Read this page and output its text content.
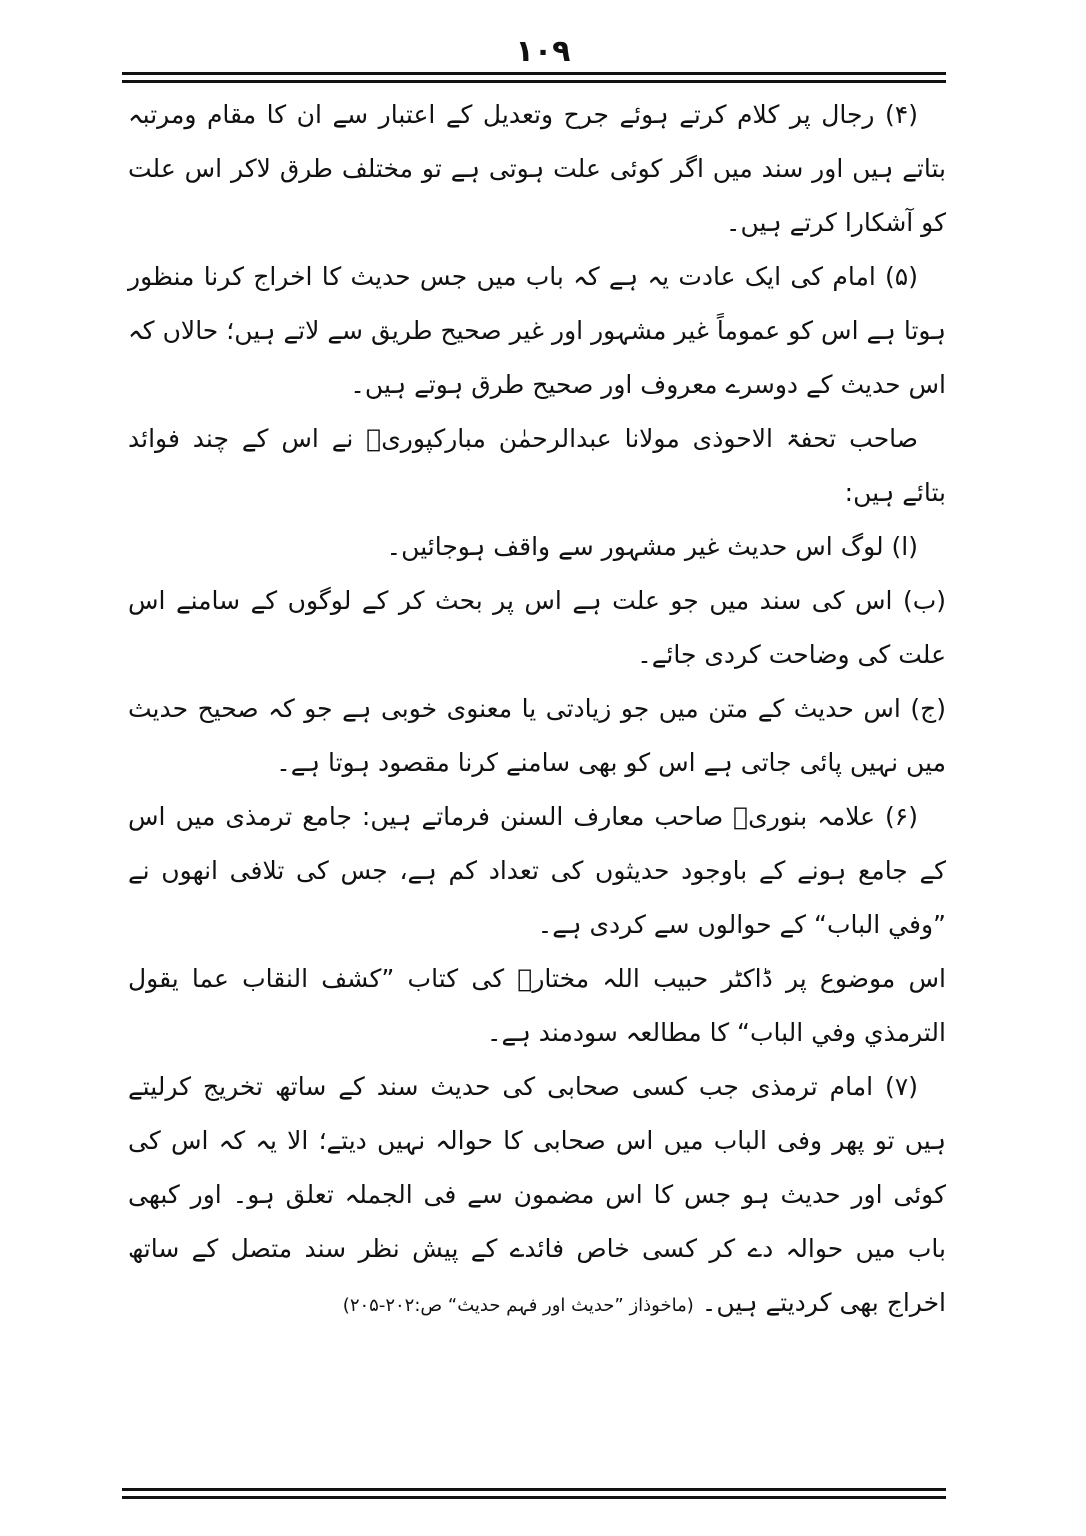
١٠٩

(۴) رجال پر کلام کرتے ہوئے جرح وتعدیل کے اعتبار سے ان کا مقام ومرتبہ بتاتے ہیں اور سند میں اگر کوئی علت ہوتی ہے تو مختلف طرق لاکر اس علت کو آشکارا کرتے ہیں۔

(۵) امام کی ایک عادت یہ ہے کہ باب میں جس حدیث کا اخراج کرنا منظور ہوتا ہے اس کو عموماً غیر مشہور اور غیر صحیح طریق سے لاتے ہیں؛ حالاں کہ اس حدیث کے دوسرے معروف اور صحیح طرق ہوتے ہیں۔

صاحب تحفۃ الاحوذی مولانا عبدالرحمٰن مبارکپوریؒ نے اس کے چند فوائد بتائے ہیں:

(ا) لوگ اس حدیث غیر مشہور سے واقف ہوجائیں۔

(ب) اس کی سند میں جو علت ہے اس پر بحث کر کے لوگوں کے سامنے اس علت کی وضاحت کردی جائے۔

(ج) اس حدیث کے متن میں جو زیادتی یا معنوی خوبی ہے جو کہ صحیح حدیث میں نہیں پائی جاتی ہے اس کو بھی سامنے کرنا مقصود ہوتا ہے۔

(۶) علامہ بنوریؒ صاحب معارف السنن فرماتے ہیں: جامع ترمذی میں اس کے جامع ہونے کے باوجود حدیثوں کی تعداد کم ہے، جس کی تلافی انھوں نے ”وفي الباب“ کے حوالوں سے کردی ہے۔

اس موضوع پر ڈاکٹر حبیب اللہ مختارؒ کی کتاب ”کشف النقاب عما يقول الترمذي وفي الباب“ کا مطالعہ سودمند ہے۔

(۷) امام ترمذی جب کسی صحابی کی حدیث سند کے ساتھ تخریج کرلیتے ہیں تو پھر وفی الباب میں اس صحابی کا حوالہ نہیں دیتے؛ الا یہ کہ اس کی کوئی اور حدیث ہو جس کا اس مضمون سے فی الجملہ تعلق ہو۔ اور کبھی باب میں حوالہ دے کر کسی خاص فائدے کے پیش نظر سند متصل کے ساتھ اخراج بھی کردیتے ہیں۔ (ماخوذاز ”حدیث اور فہم حدیث“ ص:۲۰۲-۲۰۵)
